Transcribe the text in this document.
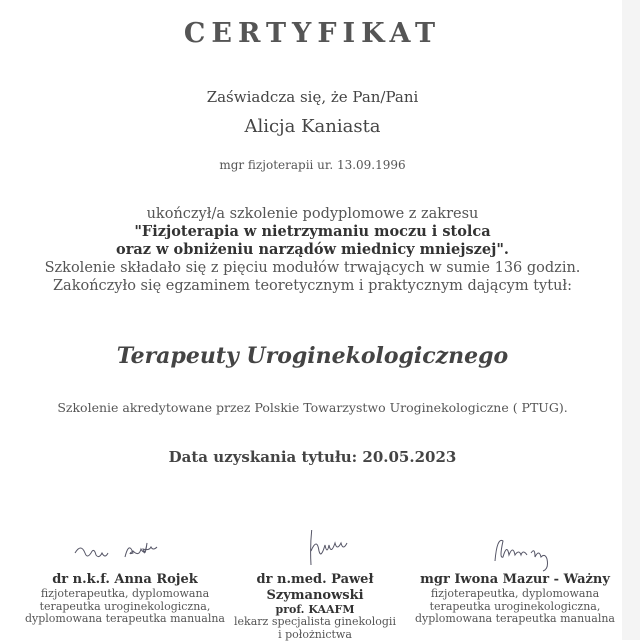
CERTYFIKAT
Zaświadcza się, że Pan/Pani
Alicja Kaniasta
mgr fizjoterapii ur. 13.09.1996
ukończył/a szkolenie podyplomowe z zakresu
"Fizjoterapia w nietrzymaniu moczu i stolca
oraz w obniżeniu narządów miednicy mniejszej".
Szkolenie składało się z pięciu modułów trwających w sumie 136 godzin.
Zakończyło się egzaminem teoretycznym i praktycznym dającym tytuł:
Terapeuty Uroginekologicznego
Szkolenie akredytowane przez Polskie Towarzystwo Uroginekologiczne ( PTUG).
Data uzyskania tytułu: 20.05.2023
dr n.k.f. Anna Rojek
fizjoterapeutka, dyplomowana
terapeutka uroginekologiczna,
dyplomowana terapeutka manualna
dr n.med. Paweł Szymanowski
prof. KAAFM
lekarz specjalista ginekologii
i położnictwa
mgr Iwona Mazur - Ważny
fizjoterapeutka, dyplomowana
terapeutka uroginekologiczna,
dyplomowana terapeutka manualna
